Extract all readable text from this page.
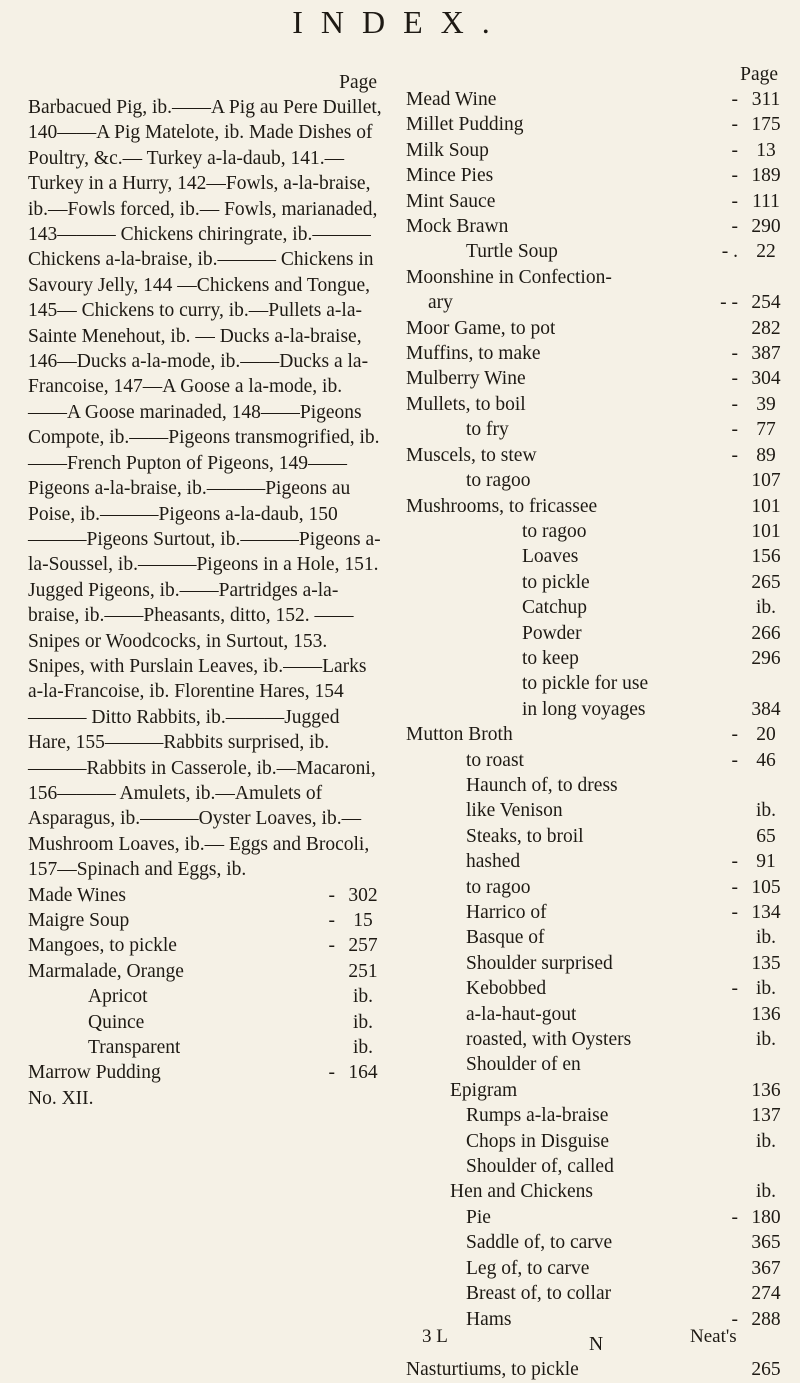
INDEX.
Page

Barbacued Pig, ib.——A Pig au Pere Duillet, 140——A Pig Matelote, ib. Made Dishes of Poultry, &c.— Turkey a-la-daub, 141.—Turkey in a Hurry, 142—Fowls, a-la-braise, ib.—Fowls forced, ib.— Fowls, marianaded, 143——— Chickens chiringrate, ib.——— Chickens a-la-braise, ib.——— Chickens in Savoury Jelly, 144 —Chickens and Tongue, 145— Chickens to curry, ib.—Pullets a-la-Sainte Menehout, ib. — Ducks a-la-braise, 146—Ducks a-la-mode, ib.——Ducks a la-Francoise, 147—A Goose a la-mode, ib. ——A Goose marinaded, 148——Pigeons Compote, ib.——Pigeons transmogrified, ib.——French Pupton of Pigeons, 149——Pigeons a-la-braise, ib.———Pigeons au Poise, ib.———Pigeons a-la-daub, 150———Pigeons Surtout, ib.———Pigeons a-la-Soussel, ib.———Pigeons in a Hole, 151. Jugged Pigeons, ib.——Partridges a-la-braise, ib.——Pheasants, ditto, 152. —— Snipes or Woodcocks, in Surtout, 153. Snipes, with Purslain Leaves, ib.——Larks a-la-Francoise, ib. Florentine Hares, 154——— Ditto Rabbits, ib.———Jugged Hare, 155———Rabbits surprised, ib.———Rabbits in Casserole, ib.—Macaroni, 156——— Amulets, ib.—Amulets of Asparagus, ib.———Oyster Loaves, ib.—Mushroom Loaves, ib.— Eggs and Brocoli, 157—Spinach and Eggs, ib.

Made Wines	- 302
Maigre Soup	- 15
Mangoes, to pickle	- 257
Marmalade, Orange	251
Apricot	ib.
Quince	ib.
Transparent	ib.
Marrow Pudding	- 164
No. XII.
Page
Mead Wine	- 311
Millet Pudding	- 175
Milk Soup	- 13
Mince Pies	- 189
Mint Sauce	- 111
Mock Brawn	- 290
Turtle Soup	- . 22
Moonshine in Confection-
ary	- - 254
Moor Game, to pot	282
Muffins, to make	- 387
Mulberry Wine	- 304
Mullets, to boil	- 39
to fry	- 77
Muscels, to stew	- 89
to ragoo	107
Mushrooms, to fricassee	101
to ragoo	101
Loaves	156
to pickle	265
Catchup	ib.
Powder	266
to keep	296
to pickle for use
in long voyages	384
Mutton Broth	- 20
to roast	- 46
Haunch of, to dress
like Venison	ib.
Steaks, to broil	65
hashed	- 91
to ragoo	- 105
Harrico of	- 134
Basque of	ib.
Shoulder surprised	135
Kebobbed	- ib.
a-la-haut-gout	136
roasted, with Oysters	ib.
Shoulder of en
Epigram	136
Rumps a-la-braise	137
Chops in Disguise	ib.
Shoulder of, called
Hen and Chickens	ib.
Pie	- 180
Saddle of, to carve	365
Leg of, to carve	367
Breast of, to collar	274
Hams	- 288
N
Nasturtiums, to pickle	265
3 L	Neat's
